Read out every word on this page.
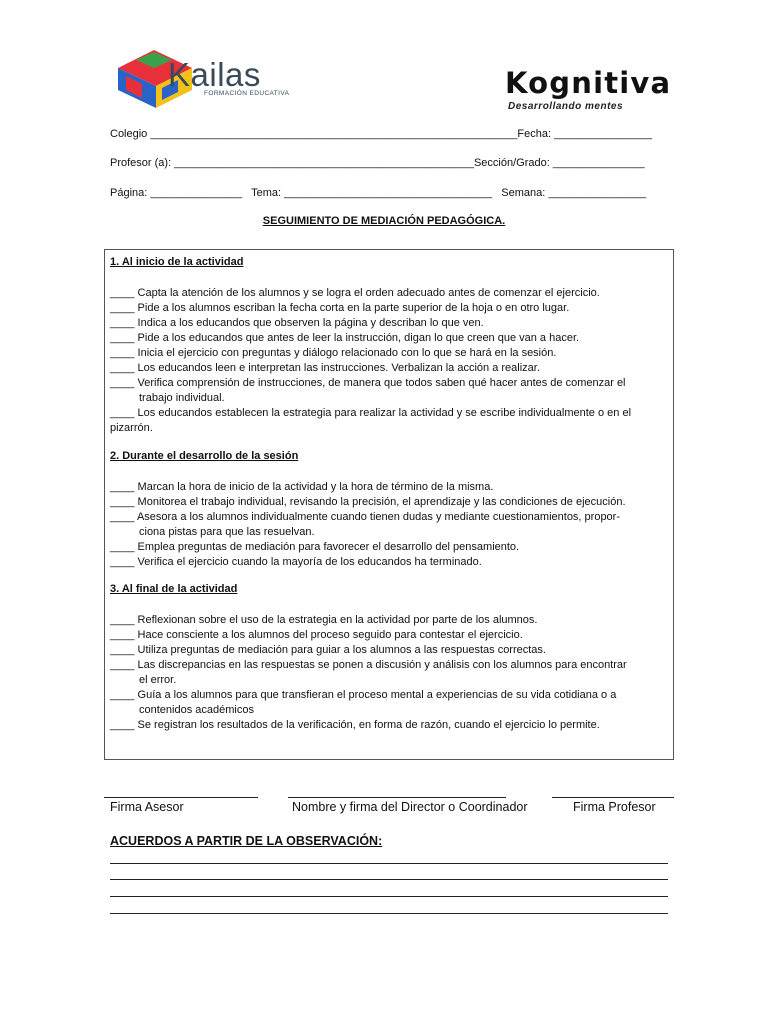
Kailas
FORMACIÓN EDUCATIVA	Kognitiva
Desarrollando mentes
Colegio ____________________________________________________________Fecha: ________________
Profesor (a): _________________________________________________Sección/Grado: _______________
Página: _______________   Tema: __________________________________   Semana: ________________
SEGUIMIENTO DE MEDIACIÓN PEDAGÓGICA.
1. Al inicio de la actividad
____ Capta la atención de los alumnos y se logra el orden adecuado antes de comenzar el ejercicio.
____ Pide a los alumnos escriban la fecha corta en la parte superior de la hoja o en otro lugar.
____ Indica a los educandos que observen la página y describan lo que ven.
____ Pide a los educandos que antes de leer la instrucción, digan lo que creen que van a hacer.
____ Inicia el ejercicio con preguntas y diálogo relacionado con lo que se hará en la sesión.
____ Los educandos leen e interpretan las instrucciones. Verbalizan la acción a realizar.
____ Verifica comprensión de instrucciones, de manera que todos saben qué hacer antes de comenzar el
trabajo individual.
____ Los educandos establecen la estrategia para realizar la actividad y se escribe individualmente o en el
pizarrón.
2. Durante el desarrollo de la sesión
____ Marcan la hora de inicio de la actividad y la hora de término de la misma.
____ Monitorea el trabajo individual, revisando la precisión, el aprendizaje y las condiciones de ejecución.
____ Asesora a los alumnos individualmente cuando tienen dudas y mediante cuestionamientos, propor-
ciona pistas para que las resuelvan.
____ Emplea preguntas de mediación para favorecer el desarrollo del pensamiento.
____ Verifica el ejercicio cuando la mayoría de los educandos ha terminado.
3. Al final de la actividad
____ Reflexionan sobre el uso de la estrategia en la actividad por parte de los alumnos.
____ Hace consciente a los alumnos del proceso seguido para contestar el ejercicio.
____ Utiliza preguntas de mediación para guiar a los alumnos a las respuestas correctas.
____ Las discrepancias en las respuestas se ponen a discusión y análisis con los alumnos para encontrar
el error.
____ Guía a los alumnos para que transfieran el proceso mental a experiencias de su vida cotidiana o a
contenidos académicos
____ Se registran los resultados de la verificación, en forma de razón, cuando el ejercicio lo permite.
Firma Asesor	Nombre y firma del Director o Coordinador	Firma Profesor
ACUERDOS A PARTIR DE LA OBSERVACIÓN:
